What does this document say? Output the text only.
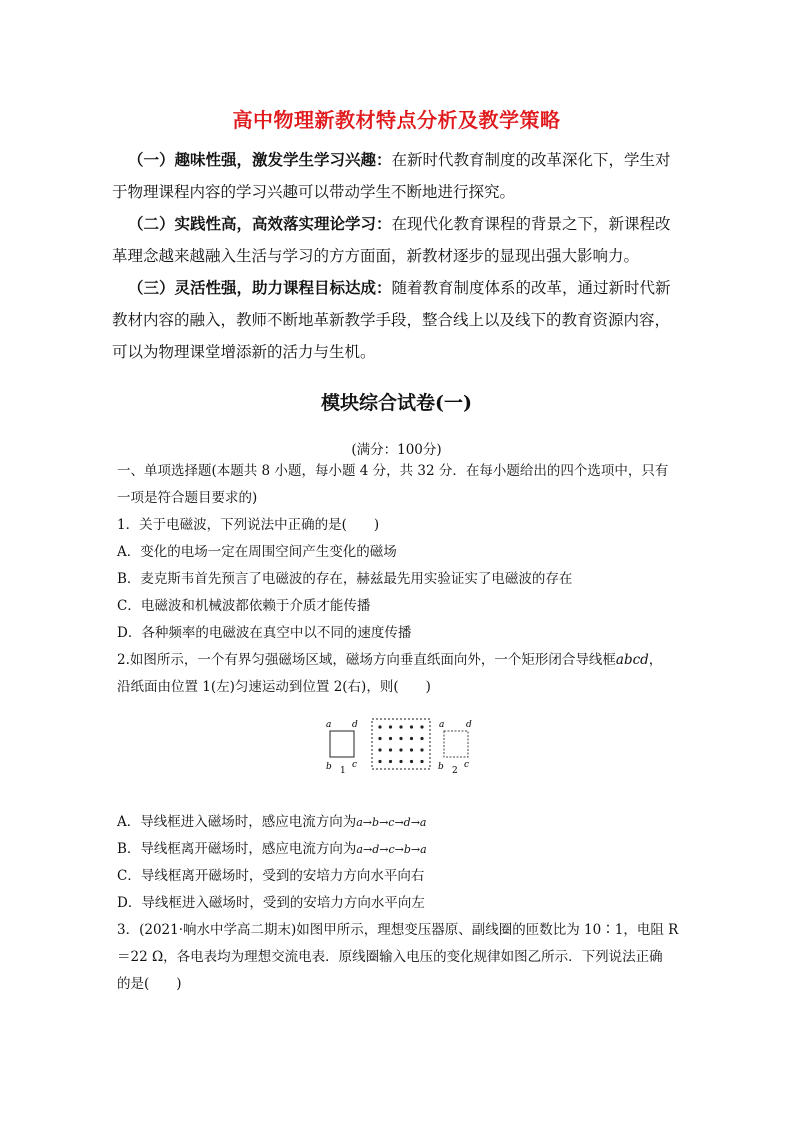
高中物理新教材特点分析及教学策略

（一）趣味性强，激发学生学习兴趣：在新时代教育制度的改革深化下，学生对于物理课程内容的学习兴趣可以带动学生不断地进行探究。

（二）实践性高，高效落实理论学习：在现代化教育课程的背景之下，新课程改革理念越来越融入生活与学习的方方面面，新教材逐步的显现出强大影响力。

（三）灵活性强，助力课程目标达成：随着教育制度体系的改革，通过新时代新教材内容的融入，教师不断地革新教学手段，整合线上以及线下的教育资源内容，可以为物理课堂增添新的活力与生机。

模块综合试卷(一)
(满分：100分)
一、单项选择题(本题共 8 小题，每小题 4 分，共 32 分．在每小题给出的四个选项中，只有一项是符合题目要求的)
1．关于电磁波，下列说法中正确的是(　　)
A．变化的电场一定在周围空间产生变化的磁场
B．麦克斯韦首先预言了电磁波的存在，赫兹最先用实验证实了电磁波的存在
C．电磁波和机械波都依赖于介质才能传播
D．各种频率的电磁波在真空中以不同的速度传播
2.如图所示，一个有界匀强磁场区域，磁场方向垂直纸面向外，一个矩形闭合导线框abcd，
沿纸面由位置 1(左)匀速运动到位置 2(右)，则(　　)
A．导线框进入磁场时，感应电流方向为a→b→c→d→a
B．导线框离开磁场时，感应电流方向为a→d→c→b→a
C．导线框离开磁场时，受到的安培力方向水平向右
D．导线框进入磁场时，受到的安培力方向水平向左
3．(2021·响水中学高二期末)如图甲所示，理想变压器原、副线圈的匝数比为 10∶1，电阻 R
＝22 Ω，各电表均为理想交流电表．原线圈输入电压的变化规律如图乙所示．下列说法正确
的是(　　)
a d
b c
1
a d
b c
2
